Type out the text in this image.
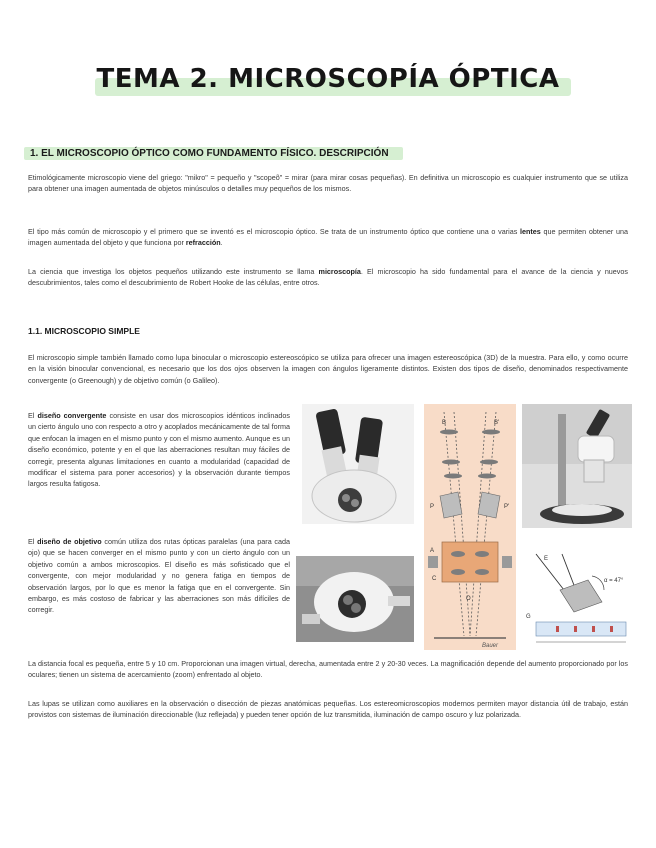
TEMA 2. MICROSCOPÍA ÓPTICA
1. EL MICROSCOPIO ÓPTICO COMO FUNDAMENTO FÍSICO. DESCRIPCIÓN

Etimológicamente microscopio viene del griego: "mikro" = pequeño y "scopeõ" = mirar (para mirar cosas pequeñas). En definitiva un microscopio es cualquier instrumento que se utiliza para obtener una imagen aumentada de objetos minúsculos o detalles muy pequeños de los mismos.

El tipo más común de microscopio y el primero que se inventó es el microscopio óptico. Se trata de un instrumento óptico que contiene una o varias lentes que permiten obtener una imagen aumentada del objeto y que funciona por refracción.

La ciencia que investiga los objetos pequeños utilizando este instrumento se llama microscopía. El microscopio ha sido fundamental para el avance de la ciencia y nuevos descubrimientos, tales como el descubrimiento de Robert Hooke de las células, entre otros.

1.1. MICROSCOPIO SIMPLE

El microscopio simple también llamado como lupa binocular o microscopio estereoscópico se utiliza para ofrecer una imagen estereoscópica (3D) de la muestra. Para ello, y como ocurre en la visión binocular convencional, es necesario que los dos ojos observen la imagen con ángulos ligeramente distintos. Existen dos tipos de diseño, denominados respectivamente convergente (o Greenough) y de objetivo común (o Galileo).

El diseño convergente consiste en usar dos microscopios idénticos inclinados un cierto ángulo uno con respecto a otro y acoplados mecánicamente de tal forma que enfocan la imagen en el mismo punto y con el mismo aumento. Aunque es un diseño económico, potente y en el que las aberraciones resultan muy fáciles de corregir, presenta algunas limitaciones en cuanto a modularidad (capacidad de modificar el sistema para poner accesorios) y la observación durante tiempos largos resulta fatigosa.

El diseño de objetivo común utiliza dos rutas ópticas paralelas (una para cada ojo) que se hacen converger en el mismo punto y con un cierto ángulo con un objetivo común a ambos microscopios. El diseño es más sofisticado que el convergente, con mejor modularidad y no genera fatiga en tiempos de observación largos, por lo que es menor la fatiga que en el convergente. Sin embargo, es más costoso de fabricar y las aberraciones son más difíciles de corregir.

La distancia focal es pequeña, entre 5 y 10 cm. Proporcionan una imagen virtual, derecha, aumentada entre 2 y 20-30 veces. La magnificación depende del aumento proporcionado por los oculares; tienen un sistema de acercamiento (zoom) enfrentado al objeto.

Las lupas se utilizan como auxiliares en la observación o disección de piezas anatómicas pequeñas. Los estereomicroscopios modernos permiten mayor distancia útil de trabajo, están provistos con sistemas de iluminación direccionable (luz reflejada) y pueden tener opción de luz transmitida, iluminación de campo oscuro y luz polarizada.

B	B'
P	P'
A
C
O
Bauer
α = 47°
E
G
